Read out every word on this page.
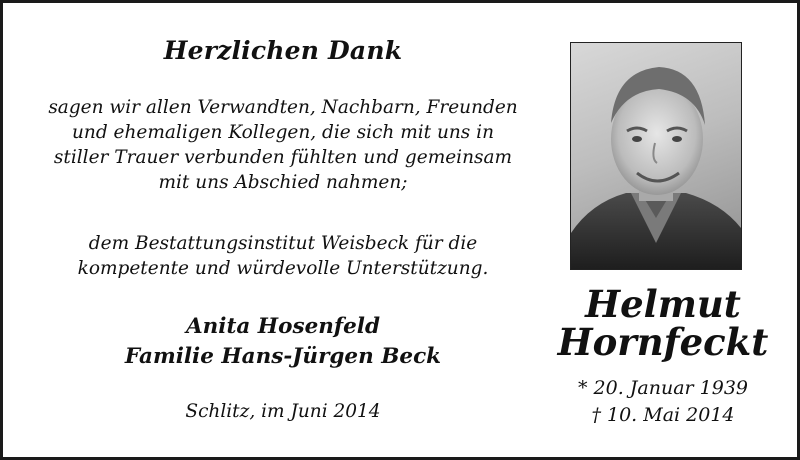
Herzlichen Dank
sagen wir allen Verwandten, Nachbarn, Freunden
und ehemaligen Kollegen, die sich mit uns in
stiller Trauer verbunden fühlten und gemeinsam
mit uns Abschied nahmen;
dem Bestattungsinstitut Weisbeck für die
kompetente und würdevolle Unterstützung.
Anita Hosenfeld
Familie Hans-Jürgen Beck
Schlitz, im Juni 2014
Helmut
Hornfeckt
* 20. Januar 1939
† 10. Mai 2014
